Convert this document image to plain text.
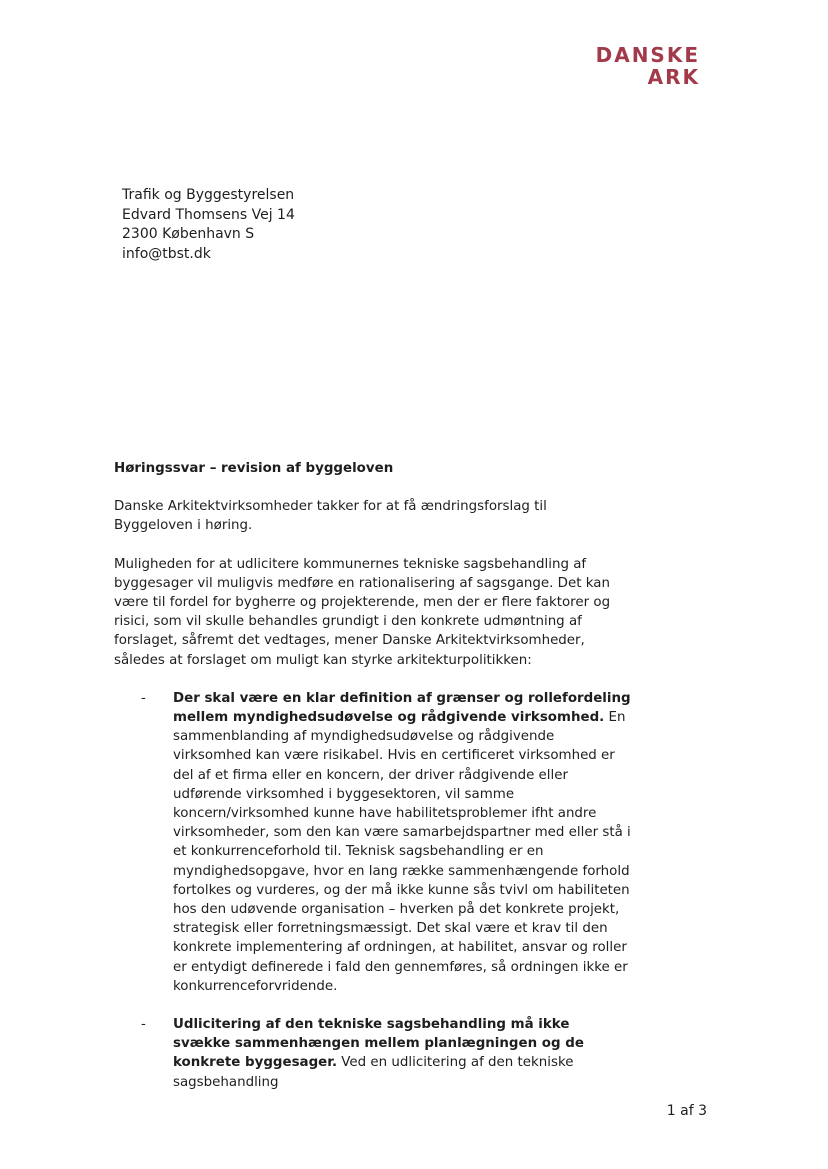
DANSKE
ARK
Trafik og Byggestyrelsen
Edvard Thomsens Vej 14
2300 København S
info@tbst.dk
Høringssvar – revision af byggeloven
Danske Arkitektvirksomheder takker for at få ændringsforslag til Byggeloven i høring.
Muligheden for at udlicitere kommunernes tekniske sagsbehandling af byggesager vil muligvis medføre en rationalisering af sagsgange. Det kan være til fordel for bygherre og projekterende, men der er flere faktorer og risici, som vil skulle behandles grundigt i den konkrete udmøntning af forslaget, såfremt det vedtages, mener Danske Arkitektvirksomheder, således at forslaget om muligt kan styrke arkitekturpolitikken:
- Der skal være en klar definition af grænser og rollefordeling mellem myndighedsudøvelse og rådgivende virksomhed. En sammenblanding af myndighedsudøvelse og rådgivende virksomhed kan være risikabel. Hvis en certificeret virksomhed er del af et firma eller en koncern, der driver rådgivende eller udførende virksomhed i byggesektoren, vil samme koncern/virksomhed kunne have habilitetsproblemer ifht andre virksomheder, som den kan være samarbejdspartner med eller stå i et konkurrenceforhold til. Teknisk sagsbehandling er en myndighedsopgave, hvor en lang række sammenhængende forhold fortolkes og vurderes, og der må ikke kunne sås tvivl om habiliteten hos den udøvende organisation – hverken på det konkrete projekt, strategisk eller forretningsmæssigt. Det skal være et krav til den konkrete implementering af ordningen, at habilitet, ansvar og roller er entydigt definerede i fald den gennemføres, så ordningen ikke er konkurrenceforvridende.
- Udlicitering af den tekniske sagsbehandling må ikke svække sammenhængen mellem planlægningen og de konkrete byggesager. Ved en udlicitering af den tekniske sagsbehandling
1 af 3
